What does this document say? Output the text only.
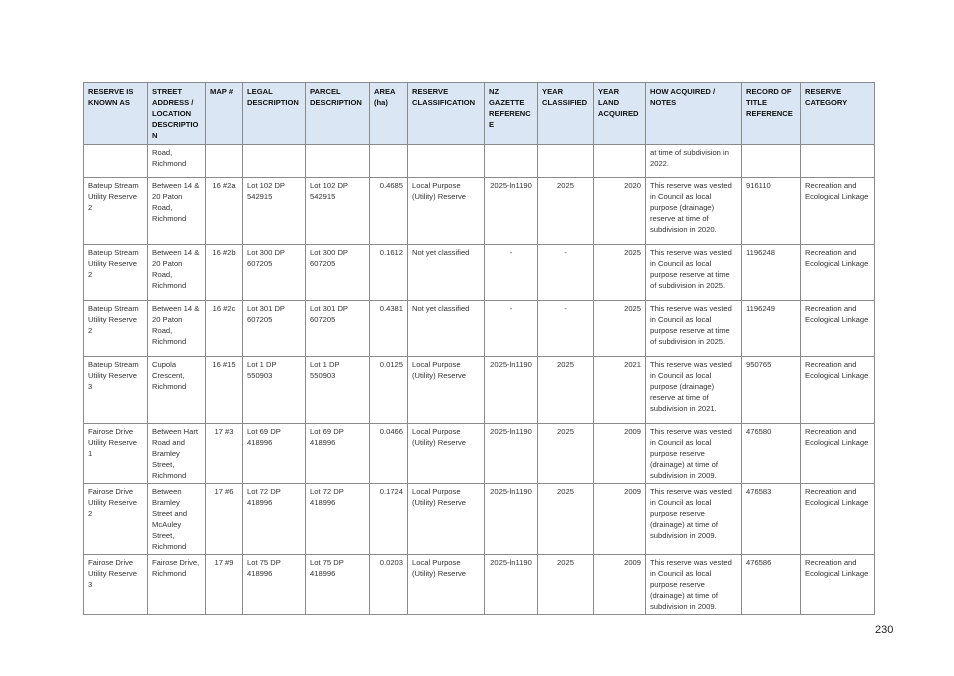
RESERVE IS KNOWN AS	STREET ADDRESS / LOCATION DESCRIPTION	MAP #	LEGAL DESCRIPTION	PARCEL DESCRIPTION	AREA (ha)	RESERVE CLASSIFICATION	NZ GAZETTE REFERENCE	YEAR CLASSIFIED	YEAR LAND ACQUIRED	HOW ACQUIRED / NOTES	RECORD OF TITLE REFERENCE	RESERVE CATEGORY
	Road, Richmond									at time of subdivision in 2022.		
Bateup Stream Utility Reserve 2	Between 14 & 20 Paton Road, Richmond	16 #2a	Lot 102 DP 542915	Lot 102 DP 542915	0.4685	Local Purpose (Utility) Reserve	2025-ln1190	2025	2020	This reserve was vested in Council as local purpose (drainage) reserve at time of subdivision in 2020.	916110	Recreation and Ecological Linkage
Bateup Stream Utility Reserve 2	Between 14 & 20 Paton Road, Richmond	16 #2b	Lot 300 DP 607205	Lot 300 DP 607205	0.1612	Not yet classified	-	-	2025	This reserve was vested in Council as local purpose reserve at time of subdivision in 2025.	1196248	Recreation and Ecological Linkage
Bateup Stream Utility Reserve 2	Between 14 & 20 Paton Road, Richmond	16 #2c	Lot 301 DP 607205	Lot 301 DP 607205	0.4381	Not yet classified	-	-	2025	This reserve was vested in Council as local purpose reserve at time of subdivision in 2025.	1196249	Recreation and Ecological Linkage
Bateup Stream Utility Reserve 3	Cupola Crescent, Richmond	16 #15	Lot 1 DP 550903	Lot 1 DP 550903	0.0125	Local Purpose (Utility) Reserve	2025-ln1190	2025	2021	This reserve was vested in Council as local purpose (drainage) reserve at time of subdivision in 2021.	950765	Recreation and Ecological Linkage
Fairose Drive Utility Reserve 1	Between Hart Road and Bramley Street, Richmond	17 #3	Lot 69 DP 418996	Lot 69 DP 418996	0.0466	Local Purpose (Utility) Reserve	2025-ln1190	2025	2009	This reserve was vested in Council as local purpose reserve (drainage) at time of subdivision in 2009.	476580	Recreation and Ecological Linkage
Fairose Drive Utility Reserve 2	Between Bramley Street and McAuley Street, Richmond	17 #6	Lot 72 DP 418996	Lot 72 DP 418996	0.1724	Local Purpose (Utility) Reserve	2025-ln1190	2025	2009	This reserve was vested in Council as local purpose reserve (drainage) at time of subdivision in 2009.	476583	Recreation and Ecological Linkage
Fairose Drive Utility Reserve 3	Fairose Drive, Richmond	17 #9	Lot 75 DP 418996	Lot 75 DP 418996	0.0203	Local Purpose (Utility) Reserve	2025-ln1190	2025	2009	This reserve was vested in Council as local purpose reserve (drainage) at time of subdivision in 2009.	476586	Recreation and Ecological Linkage
230
